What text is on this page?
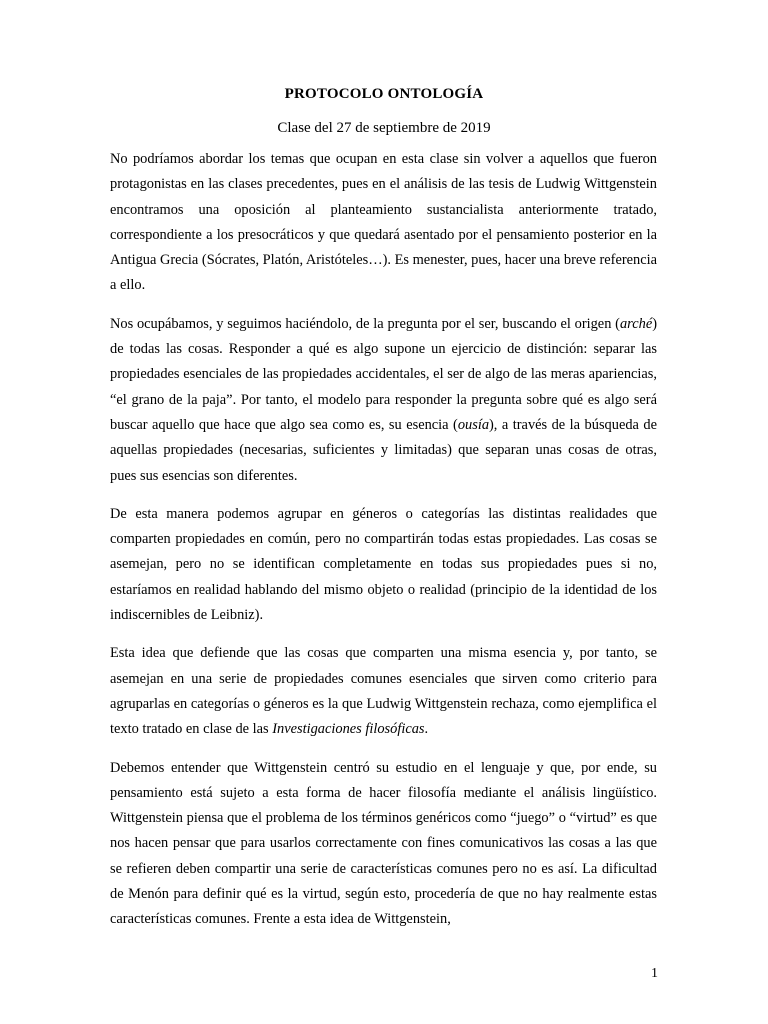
PROTOCOLO ONTOLOGÍA
Clase del 27 de septiembre de 2019

No podríamos abordar los temas que ocupan en esta clase sin volver a aquellos que fueron protagonistas en las clases precedentes, pues en el análisis de las tesis de Ludwig Wittgenstein encontramos una oposición al planteamiento sustancialista anteriormente tratado, correspondiente a los presocráticos y que quedará asentado por el pensamiento posterior en la Antigua Grecia (Sócrates, Platón, Aristóteles…). Es menester, pues, hacer una breve referencia a ello.

Nos ocupábamos, y seguimos haciéndolo, de la pregunta por el ser, buscando el origen (arché) de todas las cosas. Responder a qué es algo supone un ejercicio de distinción: separar las propiedades esenciales de las propiedades accidentales, el ser de algo de las meras apariencias, “el grano de la paja”. Por tanto, el modelo para responder la pregunta sobre qué es algo será buscar aquello que hace que algo sea como es, su esencia (ousía), a través de la búsqueda de aquellas propiedades (necesarias, suficientes y limitadas) que separan unas cosas de otras, pues sus esencias son diferentes.

De esta manera podemos agrupar en géneros o categorías las distintas realidades que comparten propiedades en común, pero no compartirán todas estas propiedades. Las cosas se asemejan, pero no se identifican completamente en todas sus propiedades pues si no, estaríamos en realidad hablando del mismo objeto o realidad (principio de la identidad de los indiscernibles de Leibniz).

Esta idea que defiende que las cosas que comparten una misma esencia y, por tanto, se asemejan en una serie de propiedades comunes esenciales que sirven como criterio para agruparlas en categorías o géneros es la que Ludwig Wittgenstein rechaza, como ejemplifica el texto tratado en clase de las Investigaciones filosóficas.

Debemos entender que Wittgenstein centró su estudio en el lenguaje y que, por ende, su pensamiento está sujeto a esta forma de hacer filosofía mediante el análisis lingüístico. Wittgenstein piensa que el problema de los términos genéricos como “juego” o “virtud” es que nos hacen pensar que para usarlos correctamente con fines comunicativos las cosas a las que se refieren deben compartir una serie de características comunes pero no es así. La dificultad de Menón para definir qué es la virtud, según esto, procedería de que no hay realmente estas características comunes. Frente a esta idea de Wittgenstein,

1
